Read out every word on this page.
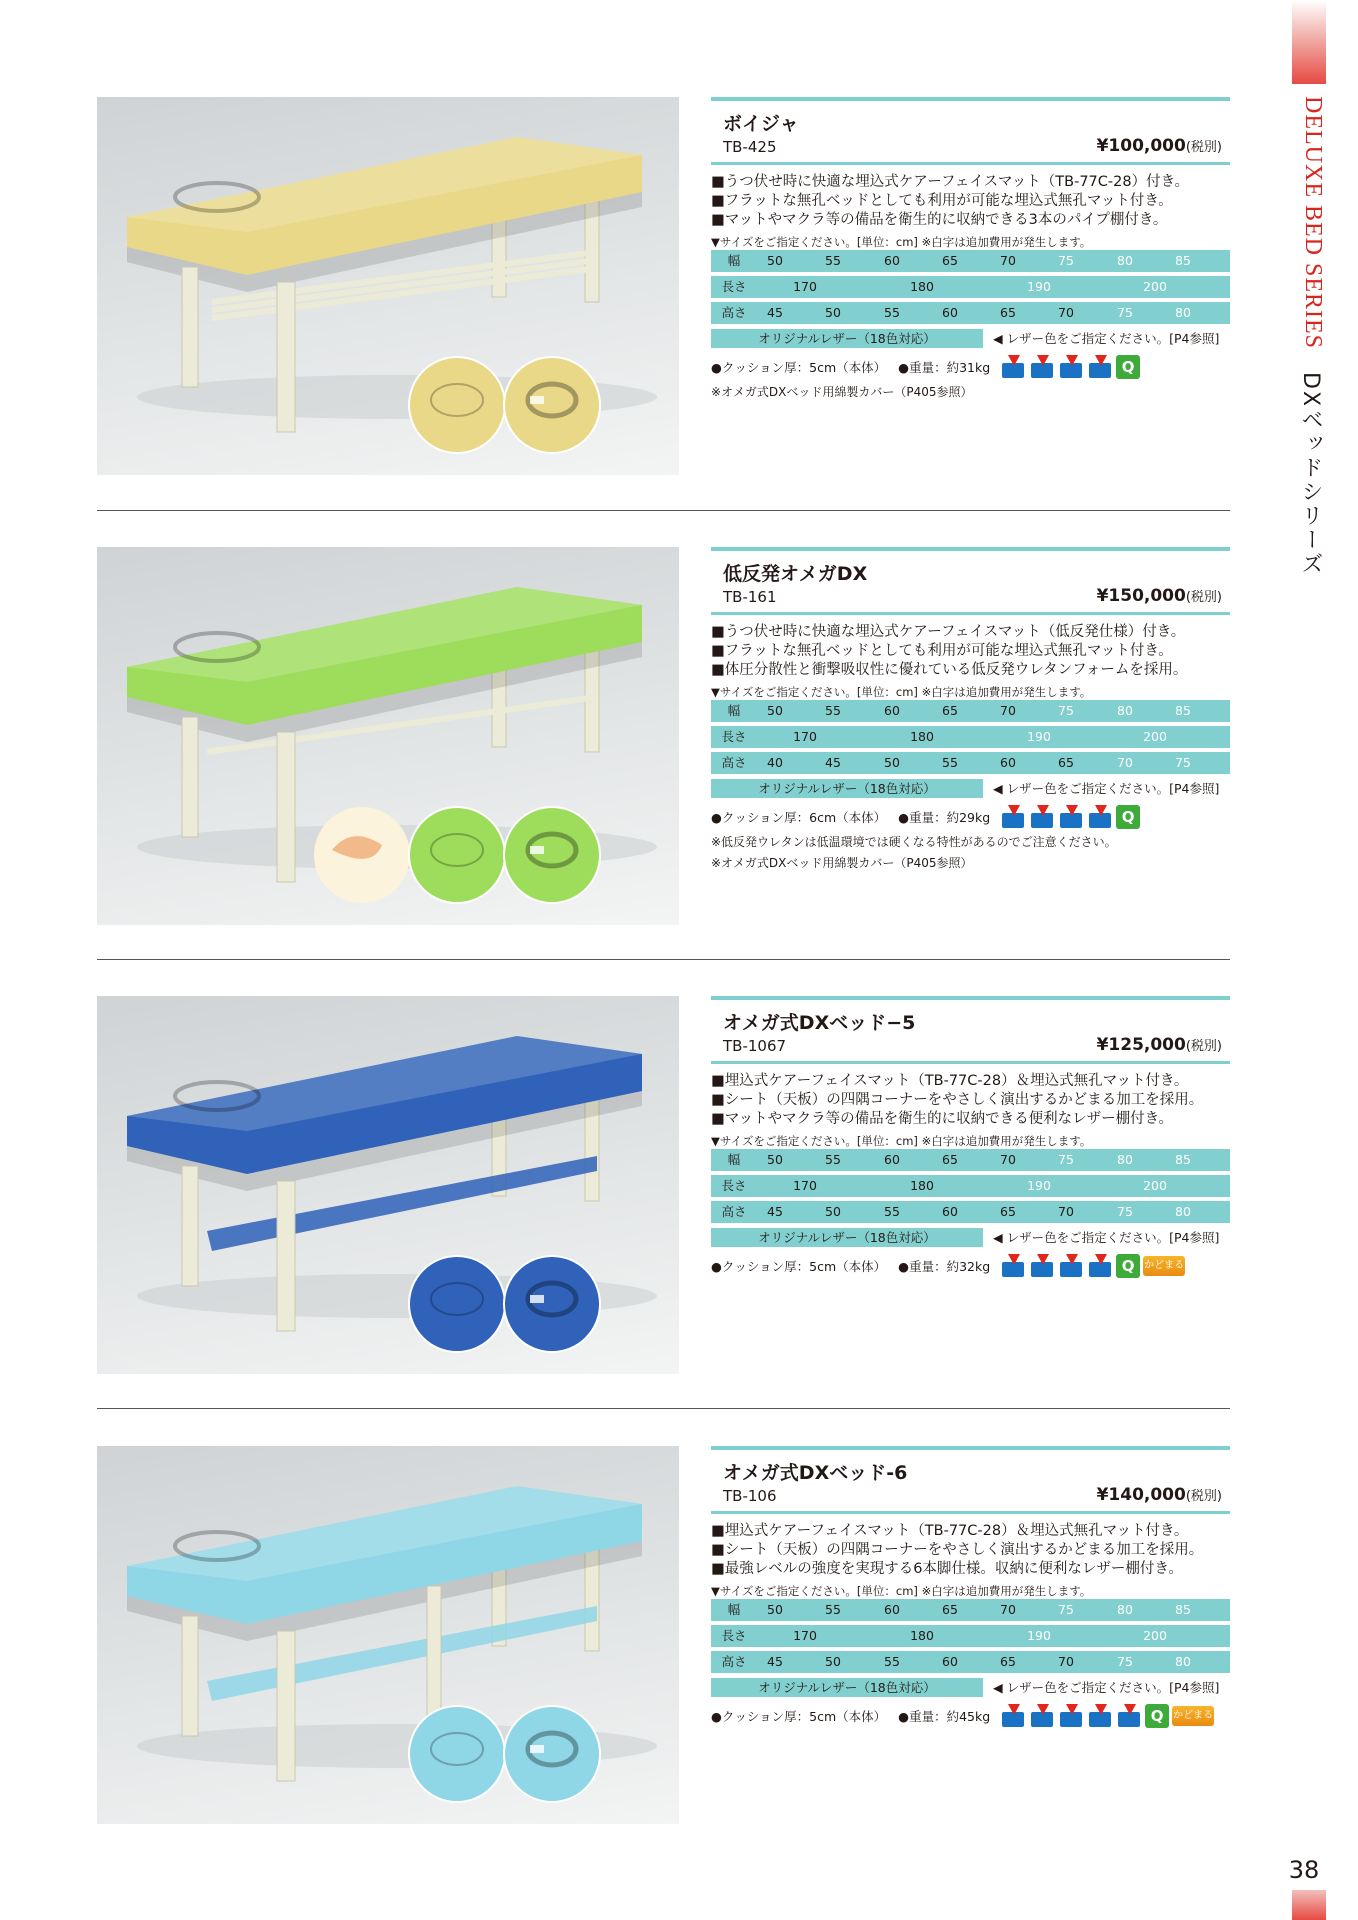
DELUXE BED SERIES
DXベッドシリーズ
38
ボイジャ
TB-425	¥100,000(税別)
■うつ伏せ時に快適な埋込式ケアーフェイスマット（TB-77C-28）付き。
■フラットな無孔ベッドとしても利用が可能な埋込式無孔マット付き。
■マットやマクラ等の備品を衛生的に収納できる3本のパイプ棚付き。
▼サイズをご指定ください。[単位：cm] ※白字は追加費用が発生します。
幅	50	55	60	65	70	75	80	85
長さ	170	180	190	200
高さ	45	50	55	60	65	70	75	80
オリジナルレザー（18色対応）	◀ レザー色をご指定ください。[P4参照]
●クッション厚：5cm（本体） ●重量：約31kg	Q
※オメガ式DXベッド用綿製カバー（P405参照）
低反発オメガDX
TB-161	¥150,000(税別)
■うつ伏せ時に快適な埋込式ケアーフェイスマット（低反発仕様）付き。
■フラットな無孔ベッドとしても利用が可能な埋込式無孔マット付き。
■体圧分散性と衝撃吸収性に優れている低反発ウレタンフォームを採用。
▼サイズをご指定ください。[単位：cm] ※白字は追加費用が発生します。
幅	50	55	60	65	70	75	80	85
長さ	170	180	190	200
高さ	40	45	50	55	60	65	70	75
オリジナルレザー（18色対応）	◀ レザー色をご指定ください。[P4参照]
●クッション厚：6cm（本体） ●重量：約29kg	Q
※低反発ウレタンは低温環境では硬くなる特性があるのでご注意ください。
※オメガ式DXベッド用綿製カバー（P405参照）
オメガ式DXベッド−5
TB-1067	¥125,000(税別)
■埋込式ケアーフェイスマット（TB-77C-28）＆埋込式無孔マット付き。
■シート（天板）の四隅コーナーをやさしく演出するかどまる加工を採用。
■マットやマクラ等の備品を衛生的に収納できる便利なレザー棚付き。
▼サイズをご指定ください。[単位：cm] ※白字は追加費用が発生します。
幅	50	55	60	65	70	75	80	85
長さ	170	180	190	200
高さ	45	50	55	60	65	70	75	80
オリジナルレザー（18色対応）	◀ レザー色をご指定ください。[P4参照]
●クッション厚：5cm（本体） ●重量：約32kg	Q かどまる
オメガ式DXベッド-6
TB-106	¥140,000(税別)
■埋込式ケアーフェイスマット（TB-77C-28）＆埋込式無孔マット付き。
■シート（天板）の四隅コーナーをやさしく演出するかどまる加工を採用。
■最強レベルの強度を実現する6本脚仕様。収納に便利なレザー棚付き。
▼サイズをご指定ください。[単位：cm] ※白字は追加費用が発生します。
幅	50	55	60	65	70	75	80	85
長さ	170	180	190	200
高さ	45	50	55	60	65	70	75	80
オリジナルレザー（18色対応）	◀ レザー色をご指定ください。[P4参照]
●クッション厚：5cm（本体） ●重量：約45kg	Q かどまる
